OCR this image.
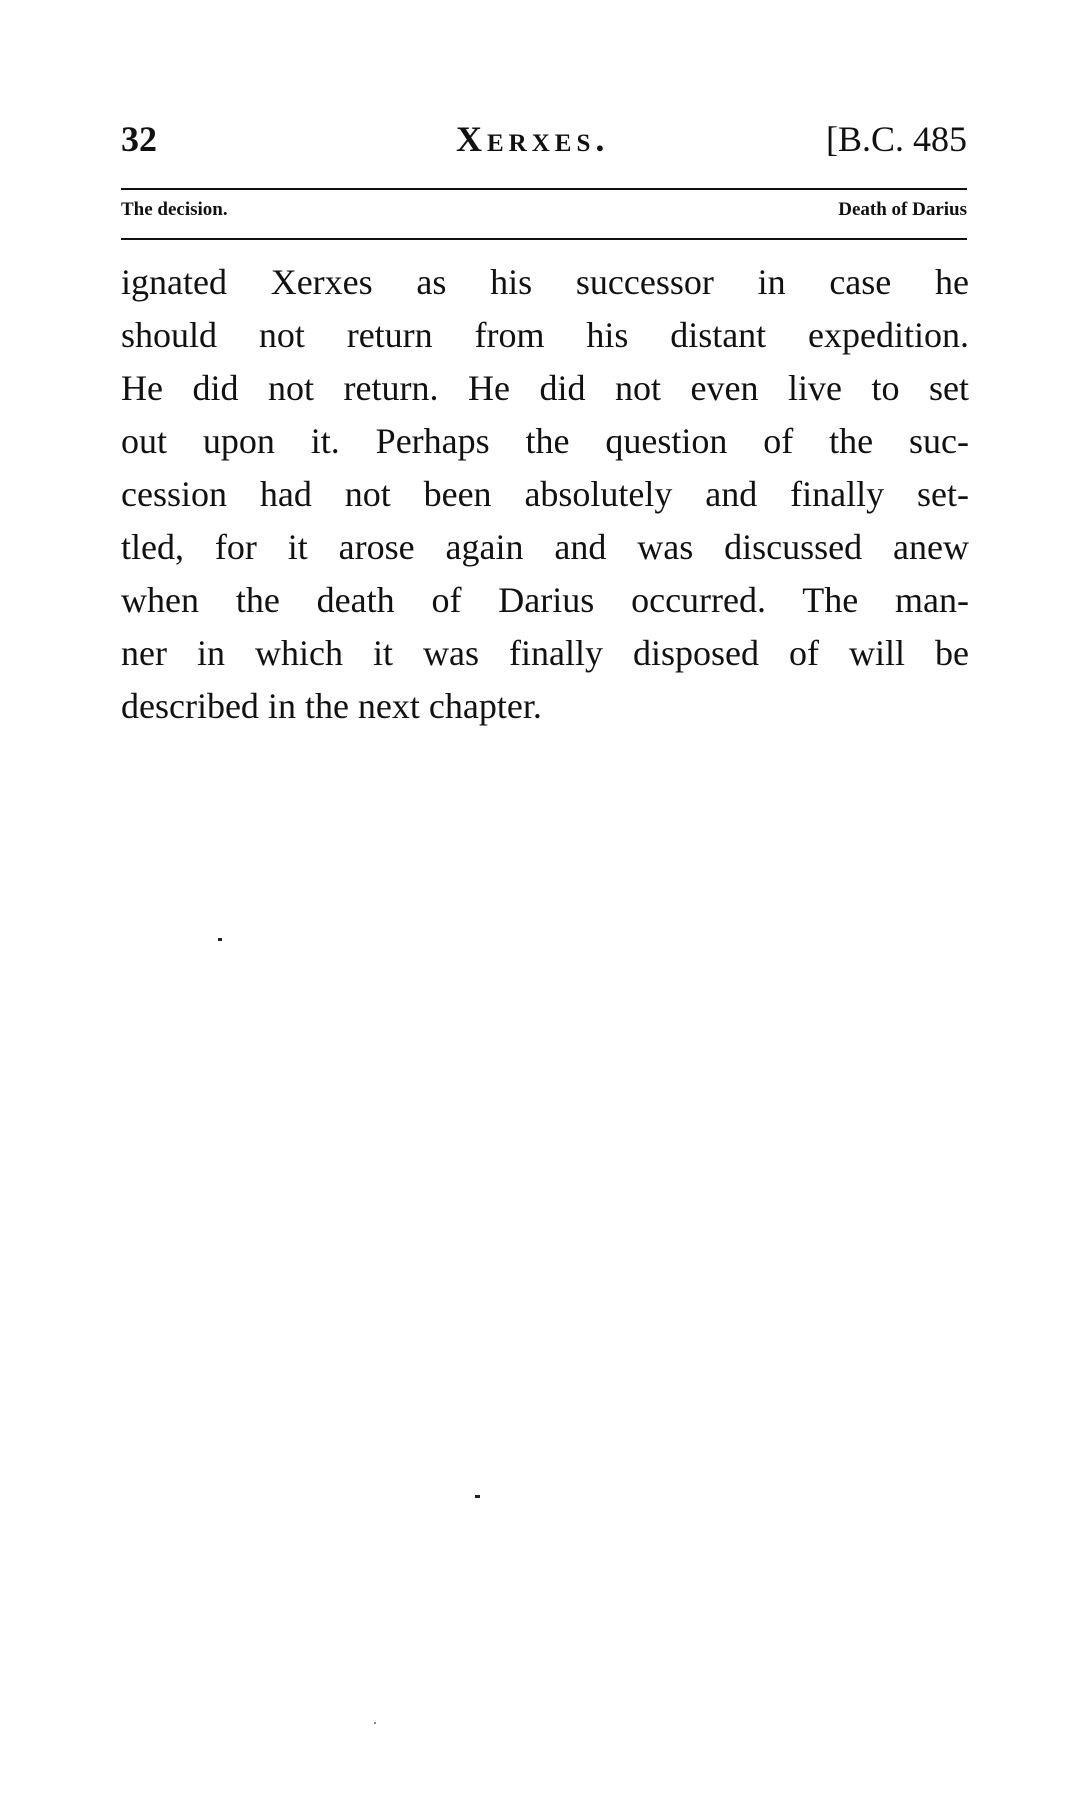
32	Xerxes.	[B.C. 485
The decision.	Death of Darius
ignated Xerxes as his successor in case he
should not return from his distant expedition.
He did not return. He did not even live to set
out upon it. Perhaps the question of the suc-
cession had not been absolutely and finally set-
tled, for it arose again and was discussed anew
when the death of Darius occurred. The man-
ner in which it was finally disposed of will be
described in the next chapter.
